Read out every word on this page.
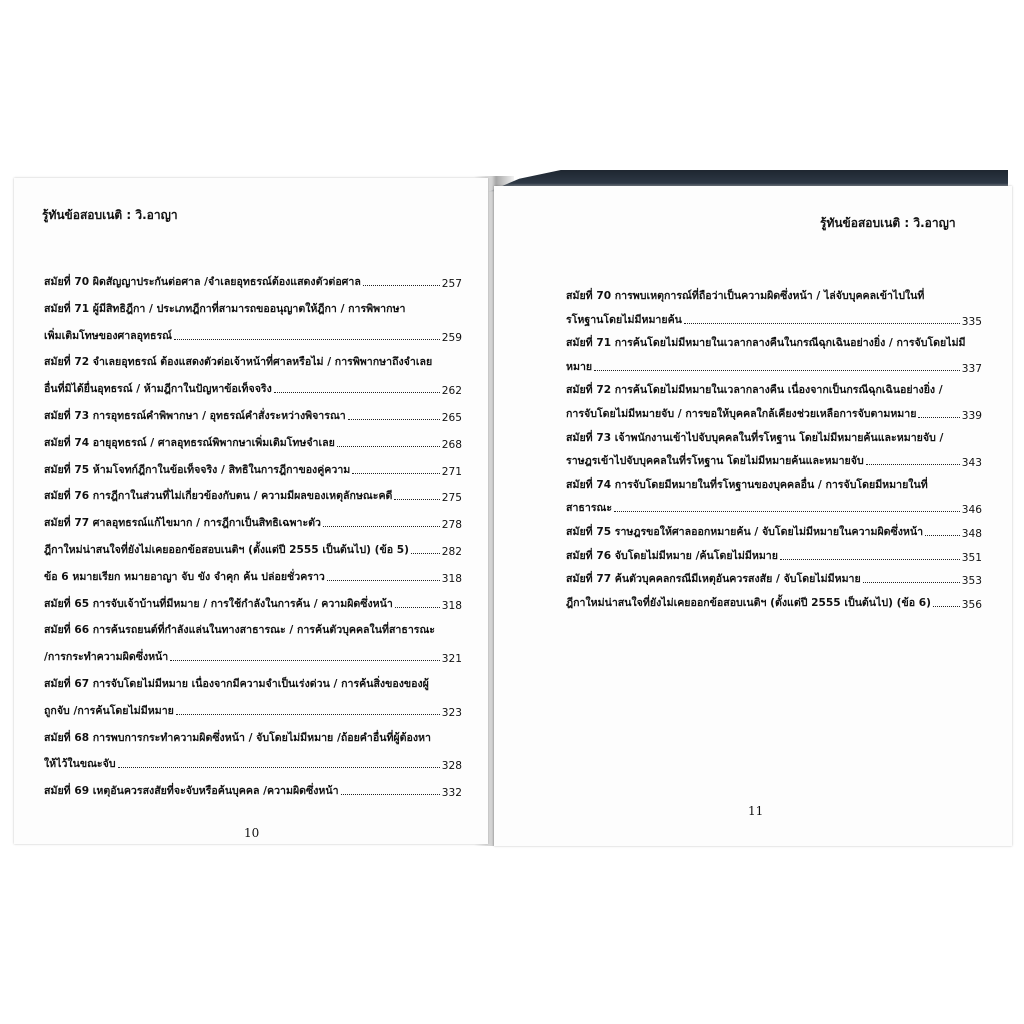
รู้ทันข้อสอบเนติ : วิ.อาญา
สมัยที่ 70 ผิดสัญญาประกันต่อศาล /จำเลยอุทธรณ์ต้องแสดงตัวต่อศาล	257
สมัยที่ 71 ผู้มีสิทธิฎีกา / ประเภทฎีกาที่สามารถขออนุญาตให้ฎีกา / การพิพากษา
เพิ่มเติมโทษของศาลอุทธรณ์	259
สมัยที่ 72 จำเลยอุทธรณ์ ต้องแสดงตัวต่อเจ้าหน้าที่ศาลหรือไม่ / การพิพากษาถึงจำเลย
อื่นที่มิได้ยื่นอุทธรณ์ / ห้ามฎีกาในปัญหาข้อเท็จจริง	262
สมัยที่ 73 การอุทธรณ์คำพิพากษา / อุทธรณ์คำสั่งระหว่างพิจารณา	265
สมัยที่ 74 อายุอุทธรณ์ / ศาลอุทธรณ์พิพากษาเพิ่มเติมโทษจำเลย	268
สมัยที่ 75 ห้ามโจทก์ฎีกาในข้อเท็จจริง / สิทธิในการฎีกาของคู่ความ	271
สมัยที่ 76 การฎีกาในส่วนที่ไม่เกี่ยวข้องกับตน / ความมีผลของเหตุลักษณะคดี	275
สมัยที่ 77 ศาลอุทธรณ์แก้ไขมาก / การฎีกาเป็นสิทธิเฉพาะตัว	278
ฎีกาใหม่น่าสนใจที่ยังไม่เคยออกข้อสอบเนติฯ (ตั้งแต่ปี 2555 เป็นต้นไป) (ข้อ 5)	282
ข้อ 6 หมายเรียก หมายอาญา จับ ขัง จำคุก ค้น ปล่อยชั่วคราว	318
สมัยที่ 65 การจับเจ้าบ้านที่มีหมาย / การใช้กำลังในการค้น / ความผิดซึ่งหน้า	318
สมัยที่ 66 การค้นรถยนต์ที่กำลังแล่นในทางสาธารณะ / การค้นตัวบุคคลในที่สาธารณะ
/การกระทำความผิดซึ่งหน้า	321
สมัยที่ 67 การจับโดยไม่มีหมาย เนื่องจากมีความจำเป็นเร่งด่วน / การค้นสิ่งของของผู้
ถูกจับ /การค้นโดยไม่มีหมาย	323
สมัยที่ 68 การพบการกระทำความผิดซึ่งหน้า / จับโดยไม่มีหมาย /ถ้อยคำอื่นที่ผู้ต้องหา
ให้ไว้ในขณะจับ	328
สมัยที่ 69 เหตุอันควรสงสัยที่จะจับหรือค้นบุคคล /ความผิดซึ่งหน้า	332
10
รู้ทันข้อสอบเนติ : วิ.อาญา
สมัยที่ 70 การพบเหตุการณ์ที่ถือว่าเป็นความผิดซึ่งหน้า / ไล่จับบุคคลเข้าไปในที่
รโหฐานโดยไม่มีหมายค้น	335
สมัยที่ 71 การค้นโดยไม่มีหมายในเวลากลางคืนในกรณีฉุกเฉินอย่างยิ่ง / การจับโดยไม่มี
หมาย	337
สมัยที่ 72 การค้นโดยไม่มีหมายในเวลากลางคืน เนื่องจากเป็นกรณีฉุกเฉินอย่างยิ่ง /
การจับโดยไม่มีหมายจับ / การขอให้บุคคลใกล้เคียงช่วยเหลือการจับตามหมาย	339
สมัยที่ 73 เจ้าพนักงานเข้าไปจับบุคคลในที่รโหฐาน โดยไม่มีหมายค้นและหมายจับ /
ราษฎรเข้าไปจับบุคคลในที่รโหฐาน โดยไม่มีหมายค้นและหมายจับ	343
สมัยที่ 74 การจับโดยมีหมายในที่รโหฐานของบุคคลอื่น / การจับโดยมีหมายในที่
สาธารณะ	346
สมัยที่ 75 ราษฎรขอให้ศาลออกหมายค้น / จับโดยไม่มีหมายในความผิดซึ่งหน้า	348
สมัยที่ 76 จับโดยไม่มีหมาย /ค้นโดยไม่มีหมาย	351
สมัยที่ 77 ค้นตัวบุคคลกรณีมีเหตุอันควรสงสัย / จับโดยไม่มีหมาย	353
ฎีกาใหม่น่าสนใจที่ยังไม่เคยออกข้อสอบเนติฯ (ตั้งแต่ปี 2555 เป็นต้นไป) (ข้อ 6)	356
11
